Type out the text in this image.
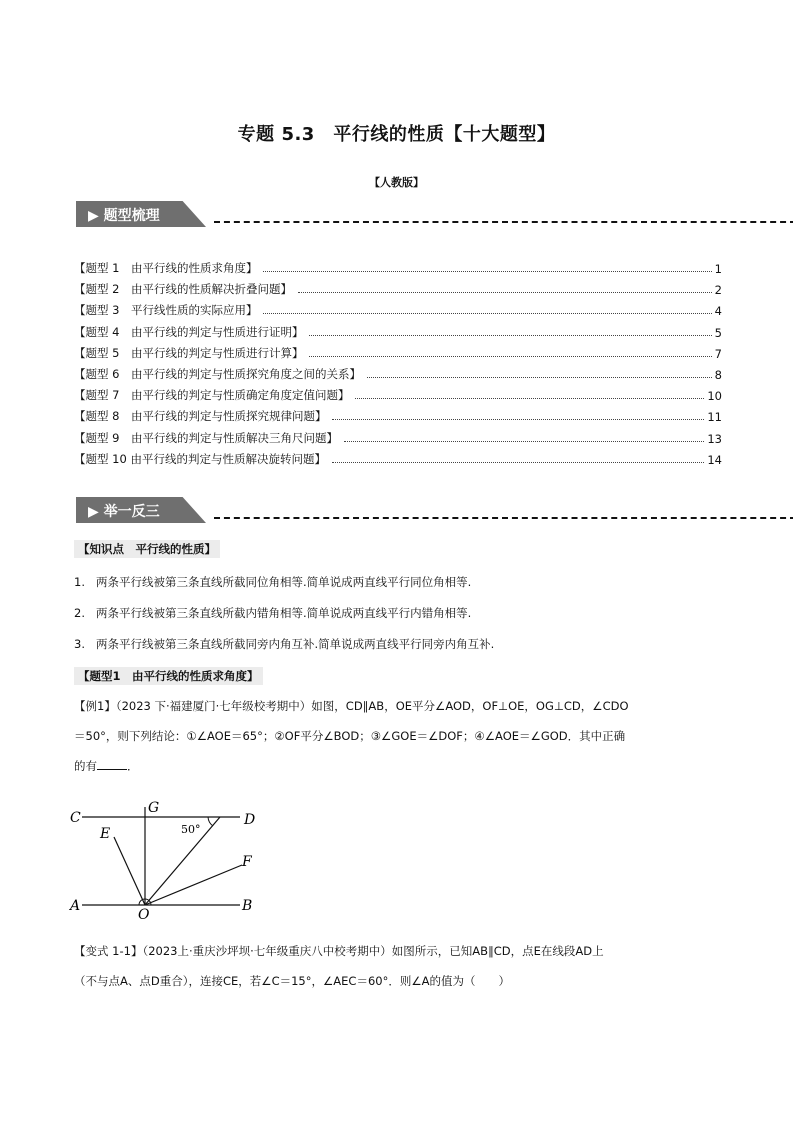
专题 5.3　平行线的性质【十大题型】
【人教版】
▶ 题型梳理
【题型 1　由平行线的性质求角度】	1
【题型 2　由平行线的性质解决折叠问题】	2
【题型 3　平行线性质的实际应用】	4
【题型 4　由平行线的判定与性质进行证明】	5
【题型 5　由平行线的判定与性质进行计算】	7
【题型 6　由平行线的判定与性质探究角度之间的关系】	8
【题型 7　由平行线的判定与性质确定角度定值问题】	10
【题型 8　由平行线的判定与性质探究规律问题】	11
【题型 9　由平行线的判定与性质解决三角尺问题】	13
【题型 10 由平行线的判定与性质解决旋转问题】	14
▶ 举一反三
【知识点　平行线的性质】
1. 两条平行线被第三条直线所截同位角相等.简单说成两直线平行同位角相等.
2. 两条平行线被第三条直线所截内错角相等.简单说成两直线平行内错角相等.
3. 两条平行线被第三条直线所截同旁内角互补.简单说成两直线平行同旁内角互补.
【题型1　由平行线的性质求角度】
【例1】（2023 下·福建厦门·七年级校考期中）如图，CD∥AB，OE平分∠AOD，OF⊥OE，OG⊥CD，∠CDO
＝50°，则下列结论：①∠AOE＝65°；②OF平分∠BOD；③∠GOE＝∠DOF；④∠AOE＝∠GOD．其中正确
的有	．
C
G
D
E
F
A
O
B
50°
【变式 1-1】（2023上·重庆沙坪坝·七年级重庆八中校考期中）如图所示，已知AB∥CD，点E在线段AD上
（不与点A、点D重合），连接CE，若∠C＝15°，∠AEC＝60°．则∠A的值为（　　）
